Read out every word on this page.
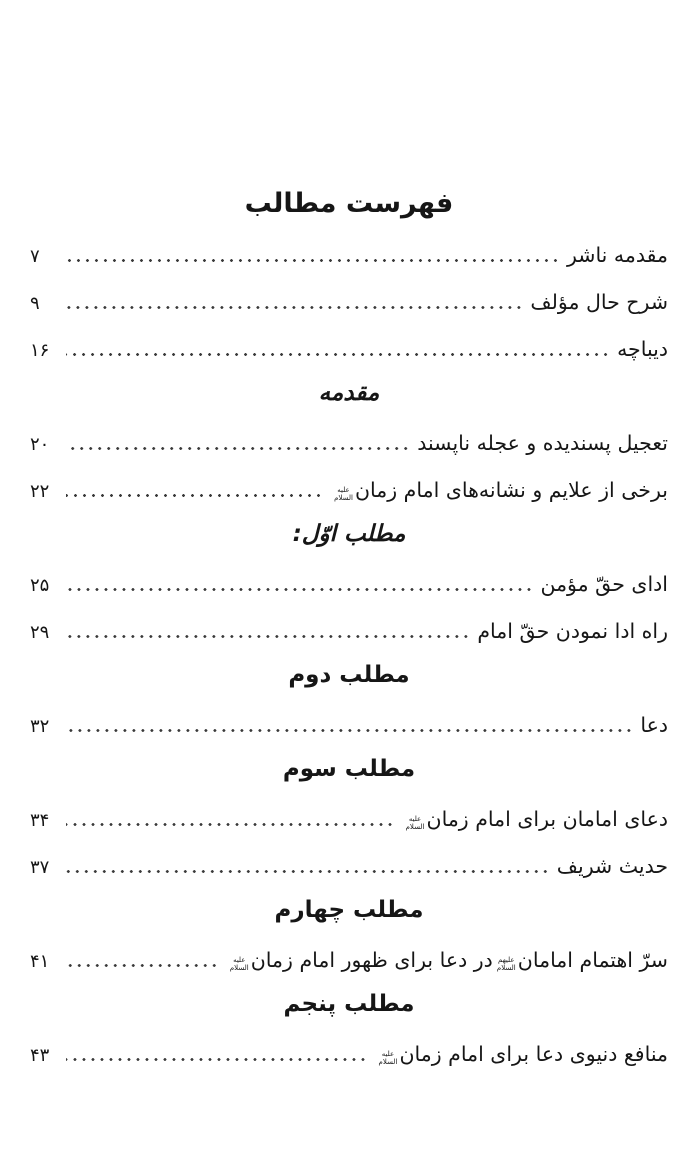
فهرست مطالب
مقدمه ناشر
۷
شرح حال مؤلف
۹
دیباچه
۱۶
مقدمه
تعجیل پسندیده و عجله ناپسند
۲۰
برخی از علایم و نشانه‌های امام زمانعلیه السلام
۲۲
مطلب اوّل:
ادای حقّ مؤمن
۲۵
راه ادا نمودن حقّ امام
۲۹
مطلب دوم
دعا
۳۲
مطلب سوم
دعای امامان برای امام زمانعلیه السلام
۳۴
حدیث شریف
۳۷
مطلب چهارم
سرّ اهتمام امامانعلیهم السلامدر دعا برای ظهور امام زمانعلیه السلام
۴۱
مطلب پنجم
منافع دنیوی دعا برای امام زمانعلیه السلام
۴۳
